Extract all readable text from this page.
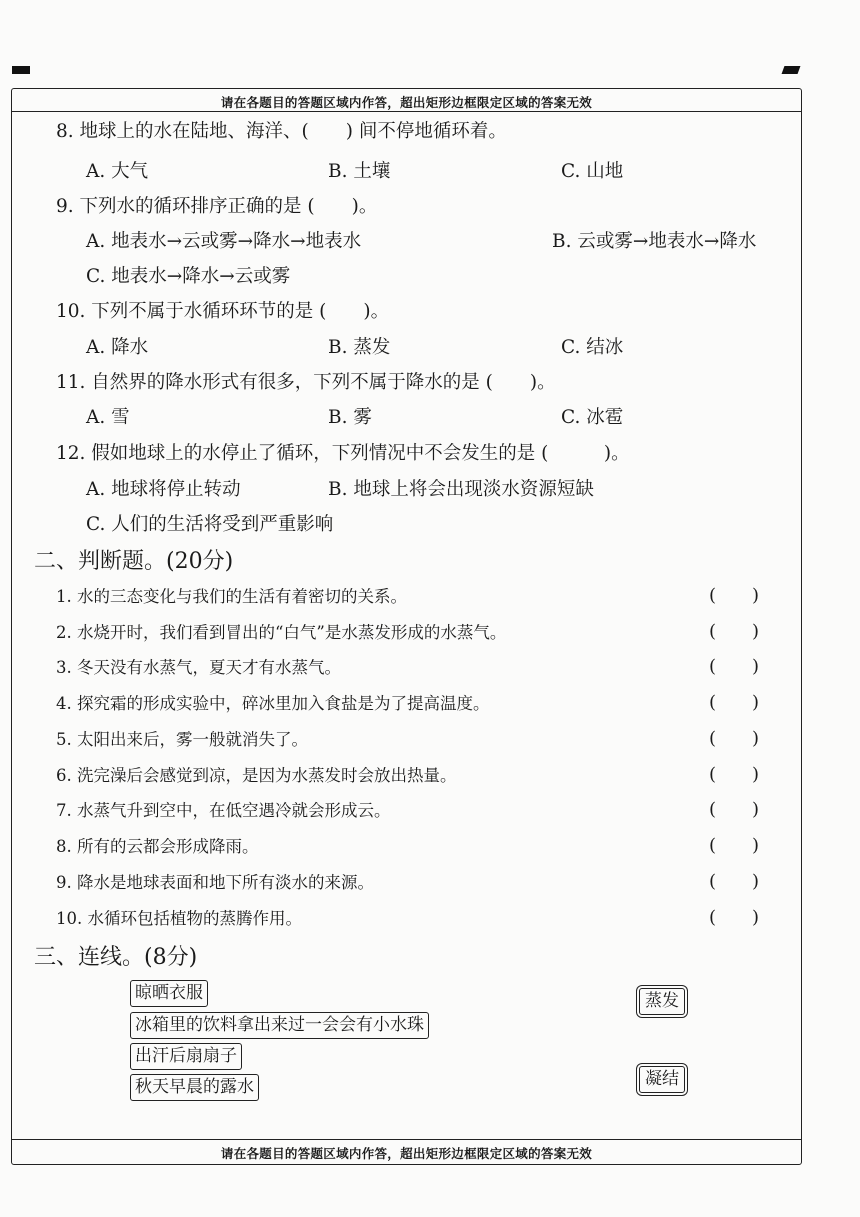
请在各题目的答题区域内作答，超出矩形边框限定区域的答案无效
8. 地球上的水在陆地、海洋、(　　) 间不停地循环着。
A. 大气	B. 土壤	C. 山地
9. 下列水的循环排序正确的是 (　　)。
A. 地表水→云或雾→降水→地表水	B. 云或雾→地表水→降水
C. 地表水→降水→云或雾
10. 下列不属于水循环环节的是 (　　)。
A. 降水	B. 蒸发	C. 结冰
11. 自然界的降水形式有很多，下列不属于降水的是 (　　)。
A. 雪	B. 雾	C. 冰雹
12. 假如地球上的水停止了循环，下列情况中不会发生的是 (　　　)。
A. 地球将停止转动	B. 地球上将会出现淡水资源短缺
C. 人们的生活将受到严重影响
二、判断题。(20分)
1. 水的三态变化与我们的生活有着密切的关系。	(　　)
2. 水烧开时，我们看到冒出的“白气”是水蒸发形成的水蒸气。	(　　)
3. 冬天没有水蒸气，夏天才有水蒸气。	(　　)
4. 探究霜的形成实验中，碎冰里加入食盐是为了提高温度。	(　　)
5. 太阳出来后，雾一般就消失了。	(　　)
6. 洗完澡后会感觉到凉，是因为水蒸发时会放出热量。	(　　)
7. 水蒸气升到空中，在低空遇冷就会形成云。	(　　)
8. 所有的云都会形成降雨。	(　　)
9. 降水是地球表面和地下所有淡水的来源。	(　　)
10. 水循环包括植物的蒸腾作用。	(　　)
三、连线。(8分)
晾晒衣服
冰箱里的饮料拿出来过一会会有小水珠
出汗后扇扇子
秋天早晨的露水
蒸发
凝结
请在各题目的答题区域内作答，超出矩形边框限定区域的答案无效
